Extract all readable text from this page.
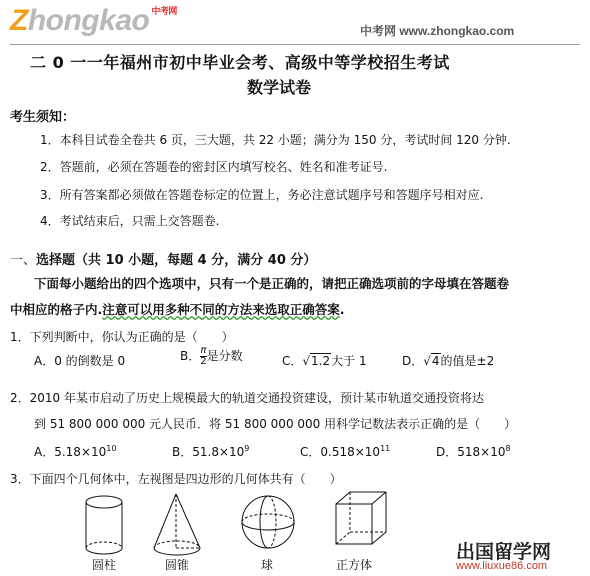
Zhongkao $^{中考网}$
中考网 www.zhongkao.com
二 0 一一年福州市初中毕业会考、高级中等学校招生考试
数学试卷
考生须知：
1．本科目试卷全卷共 6 页，三大题，共 22 小题；满分为 150 分，考试时间 120 分钟.
2．答题前，必须在答题卷的密封区内填写校名、姓名和准考证号.
3．所有答案都必须做在答题卷标定的位置上，务必注意试题序号和答题序号相对应.
4．考试结束后，只需上交答题卷.
一、选择题（共 10 小题，每题 4 分，满分 40 分）
下面每小题给出的四个选项中，只有一个是正确的，请把正确选项前的字母填在答题卷
中相应的格子内.注意可以用多种不同的方法来选取正确答案.
1．下列判断中，你认为正确的是（　　）
A．0 的倒数是 0	B． $\frac{\pi}{2}$ 是分数	C．√1.2大于 1	D．√4的值是±2
2．2010 年某市启动了历史上规模最大的轨道交通投资建设，预计某市轨道交通投资将达
到 51 800 000 000 元人民币．将 51 800 000 000 用科学记数法表示正确的是（　　）
A．$5.18\times 10^{10}$	B．$51.8\times 10^9$	C．$0.518\times 10^{11}$	D．$518\times 10^8$
3．下面四个几何体中，左视图是四边形的几何体共有（　　）
圆柱	圆锥	球	正方体
出国留学网
www.liuxue86.com
